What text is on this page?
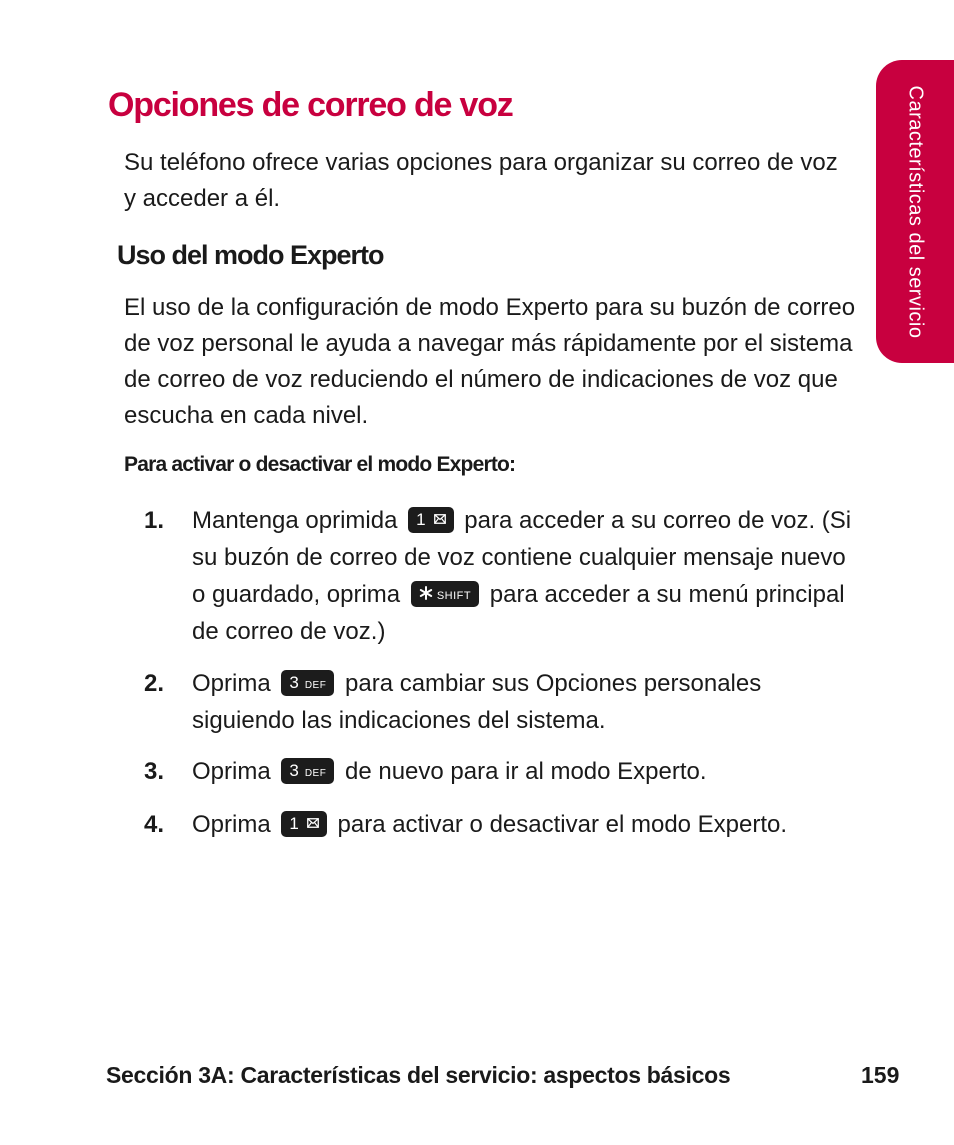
Características del servicio
Opciones de correo de voz

Su teléfono ofrece varias opciones para organizar su correo de voz y acceder a él.

Uso del modo Experto

El uso de la configuración de modo Experto para su buzón de correo de voz personal le ayuda a navegar más rápidamente por el sistema de correo de voz reduciendo el número de indicaciones de voz que escucha en cada nivel.

Para activar o desactivar el modo Experto:

1. Mantenga oprimida 1 para acceder a su correo de voz. (Si su buzón de correo de voz contiene cualquier mensaje nuevo o guardado, oprima	SHIFT para acceder a su menú principal de correo de voz.)
2. Oprima 3 DEF para cambiar sus Opciones personales siguiendo las indicaciones del sistema.
3. Oprima 3 DEF de nuevo para ir al modo Experto.
4. Oprima 1 para activar o desactivar el modo Experto.
Sección 3A: Características del servicio: aspectos básicos	159
